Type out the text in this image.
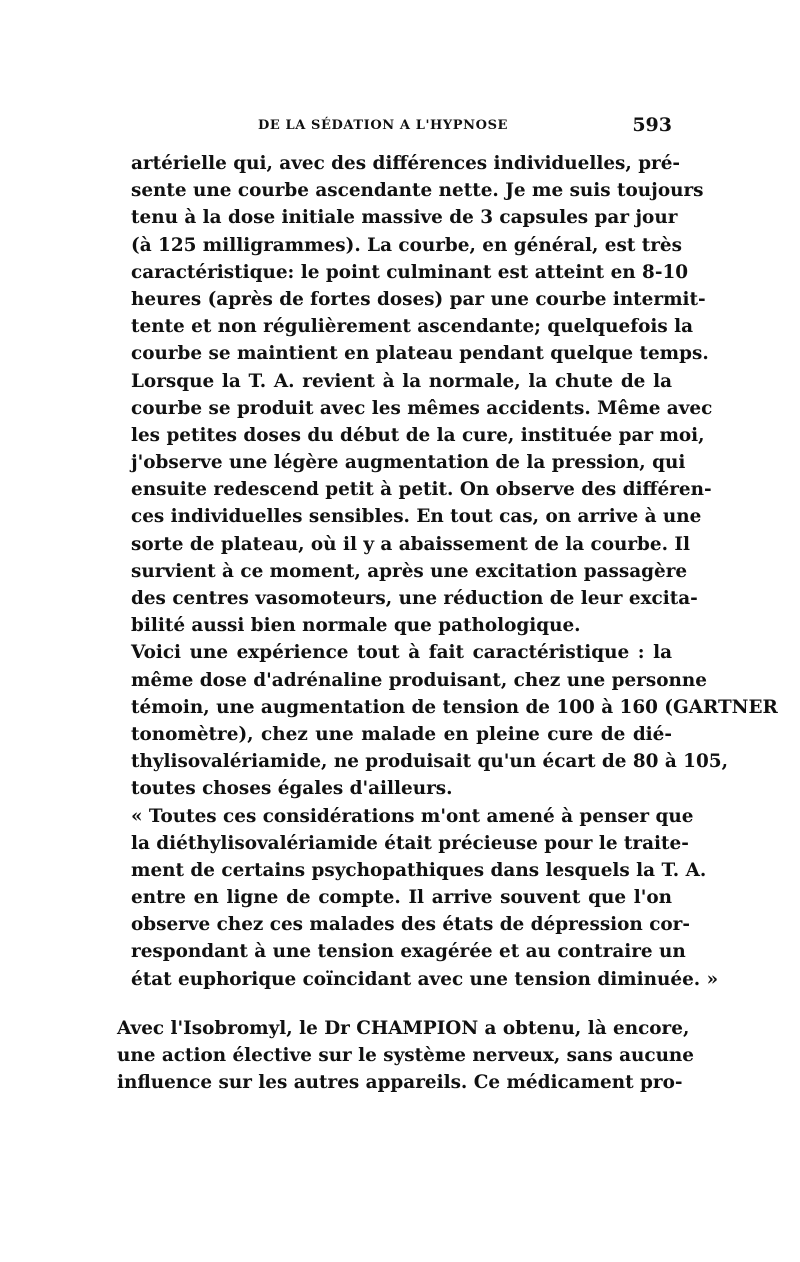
DE LA SÉDATION A L'HYPNOSE	593
artérielle qui, avec des différences individuelles, pré-
sente une courbe ascendante nette. Je me suis toujours
tenu à la dose initiale massive de 3 capsules par jour
(à 125 milligrammes). La courbe, en général, est très
caractéristique: le point culminant est atteint en 8-10
heures (après de fortes doses) par une courbe intermit-
tente et non régulièrement ascendante; quelquefois la
courbe se maintient en plateau pendant quelque temps.
Lorsque la T. A. revient à la normale, la chute de la
courbe se produit avec les mêmes accidents. Même avec
les petites doses du début de la cure, instituée par moi,
j'observe une légère augmentation de la pression, qui
ensuite redescend petit à petit. On observe des différen-
ces individuelles sensibles. En tout cas, on arrive à une
sorte de plateau, où il y a abaissement de la courbe. Il
survient à ce moment, après une excitation passagère
des centres vasomoteurs, une réduction de leur excita-
bilité aussi bien normale que pathologique.
Voici une expérience tout à fait caractéristique : la
même dose d'adrénaline produisant, chez une personne
témoin, une augmentation de tension de 100 à 160 (GARTNER
tonomètre), chez une malade en pleine cure de dié-
thylisovalériamide, ne produisait qu'un écart de 80 à 105,
toutes choses égales d'ailleurs.
« Toutes ces considérations m'ont amené à penser que
la diéthylisovalériamide était précieuse pour le traite-
ment de certains psychopathiques dans lesquels la T. A.
entre en ligne de compte. Il arrive souvent que l'on
observe chez ces malades des états de dépression cor-
respondant à une tension exagérée et au contraire un
état euphorique coïncidant avec une tension diminuée. »
Avec l'Isobromyl, le Dr CHAMPION a obtenu, là encore,
une action élective sur le système nerveux, sans aucune
influence sur les autres appareils. Ce médicament pro-
